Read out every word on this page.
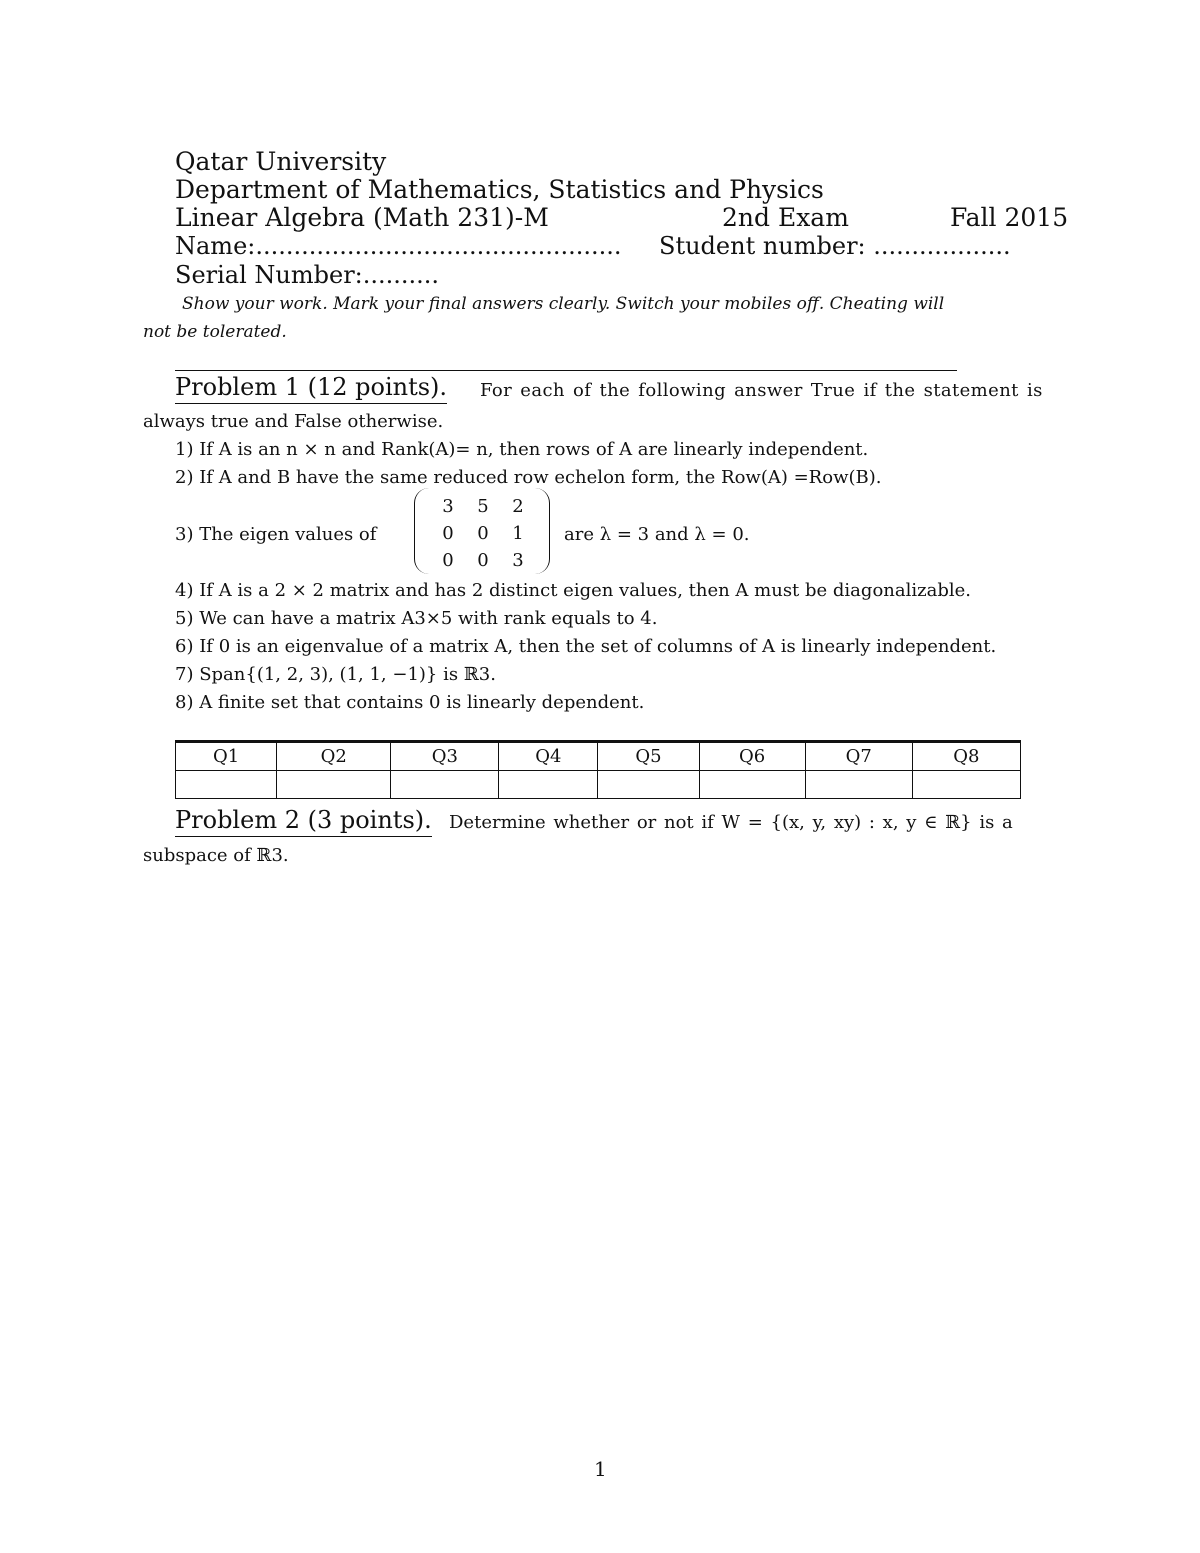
Qatar University
Department of Mathematics, Statistics and Physics
Linear Algebra (Math 231)-M	2nd Exam	Fall 2015
Name:................................................ Student number: ..................
Serial Number:..........
Show your work. Mark your final answers clearly. Switch your mobiles off. Cheating will
not be tolerated.
Problem 1 (12 points). For each of the following answer True if the statement is
always true and False otherwise.
1) If A is an n × n and Rank(A)= n, then rows of A are linearly independent.
2) If A and B have the same reduced row echelon form, the Row(A) =Row(B).
3) The eigen values of
3	5	2
0	0	1
0	0	3
are λ = 3 and λ = 0.
4) If A is a 2 × 2 matrix and has 2 distinct eigen values, then A must be diagonalizable.
5) We can have a matrix A3×5 with rank equals to 4.
6) If 0 is an eigenvalue of a matrix A, then the set of columns of A is linearly independent.
7) Span{(1, 2, 3), (1, 1, −1)} is ℝ3.
8) A finite set that contains 0 is linearly dependent.
Q1	Q2	Q3	Q4	Q5	Q6	Q7	Q8

Problem 2 (3 points). Determine whether or not if W = {(x, y, xy) : x, y ∈ ℝ} is a
subspace of ℝ3.
1
